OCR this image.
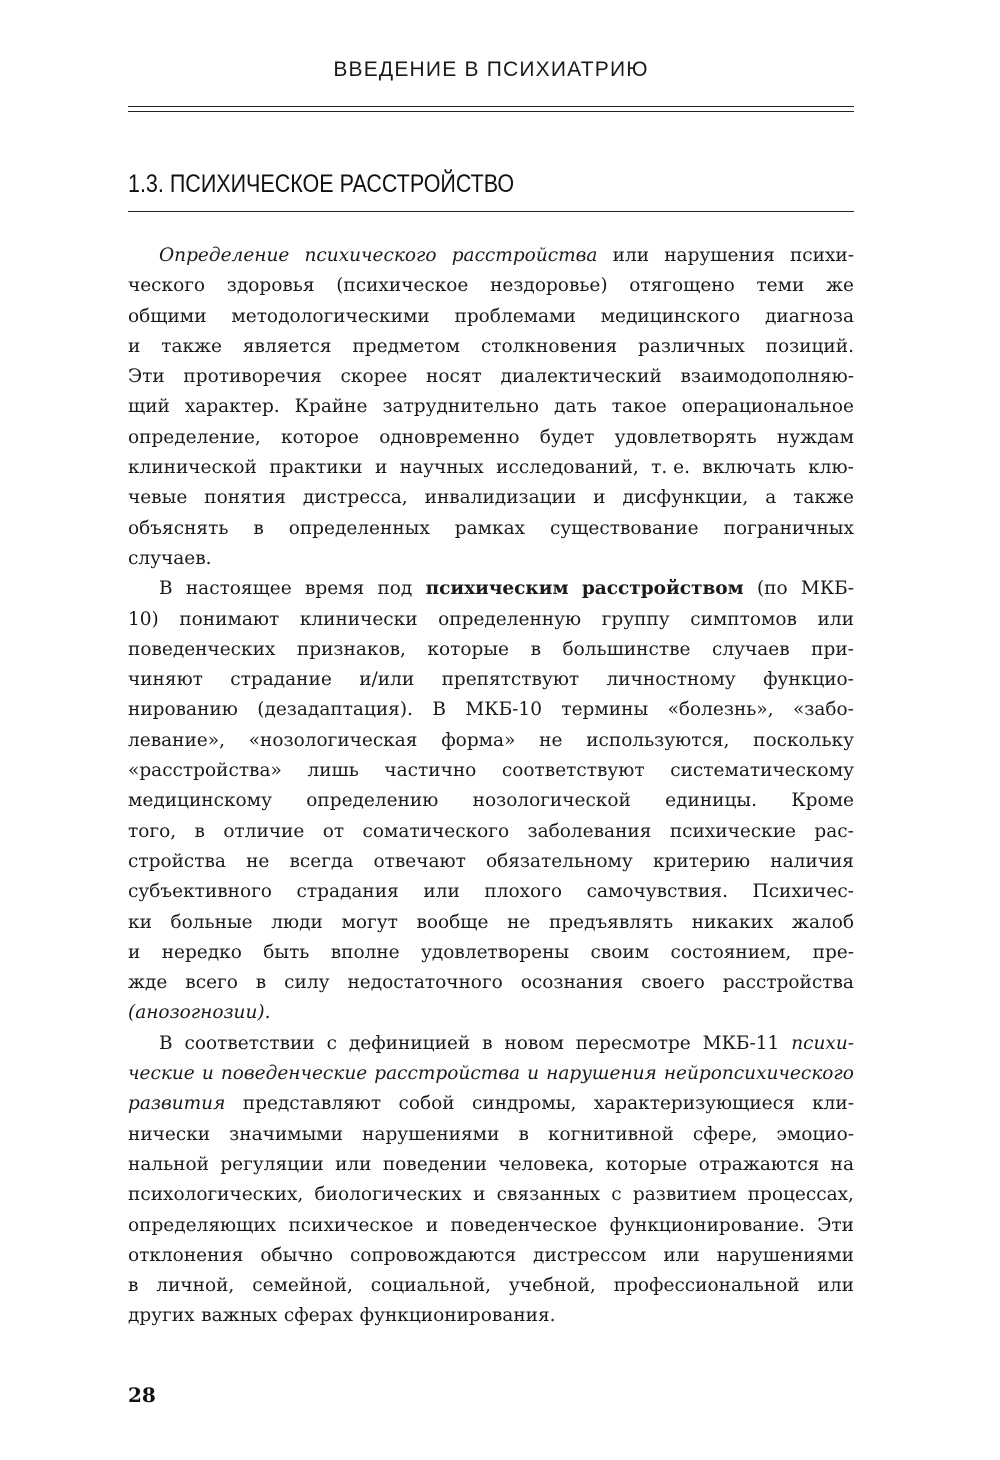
ВВЕДЕНИЕ В ПСИХИАТРИЮ
1.3. ПСИХИЧЕСКОЕ РАССТРОЙСТВО
Определение психического расстройства или нарушения психи-
ческого здоровья (психическое нездоровье) отягощено теми же
общими методологическими проблемами медицинского диагноза
и также является предметом столкновения различных позиций.
Эти противоречия скорее носят диалектический взаимодополняю-
щий характер. Крайне затруднительно дать такое операциональное
определение, которое одновременно будет удовлетворять нуждам
клинической практики и научных исследований, т. е. включать клю-
чевые понятия дистресса, инвалидизации и дисфункции, а также
объяснять в определенных рамках существование пограничных
случаев.
В настоящее время под психическим расстройством (по МКБ-
10) понимают клинически определенную группу симптомов или
поведенческих признаков, которые в большинстве случаев при-
чиняют страдание и/или препятствуют личностному функцио-
нированию (дезадаптация). В МКБ-10 термины «болезнь», «забо-
левание», «нозологическая форма» не используются, поскольку
«расстройства» лишь частично соответствуют систематическому
медицинскому определению нозологической единицы. Кроме
того, в отличие от соматического заболевания психические рас-
стройства не всегда отвечают обязательному критерию наличия
субъективного страдания или плохого самочувствия. Психичес-
ки больные люди могут вообще не предъявлять никаких жалоб
и нередко быть вполне удовлетворены своим состоянием, пре-
жде всего в силу недостаточного осознания своего расстройства
(анозогнозии).
В соответствии с дефиницией в новом пересмотре МКБ-11 психи-
ческие и поведенческие расстройства и нарушения нейропсихического
развития представляют собой синдромы, характеризующиеся кли-
нически значимыми нарушениями в когнитивной сфере, эмоцио-
нальной регуляции или поведении человека, которые отражаются на
психологических, биологических и связанных с развитием процессах,
определяющих психическое и поведенческое функционирование. Эти
отклонения обычно сопровождаются дистрессом или нарушениями
в личной, семейной, социальной, учебной, профессиональной или
других важных сферах функционирования.
28
